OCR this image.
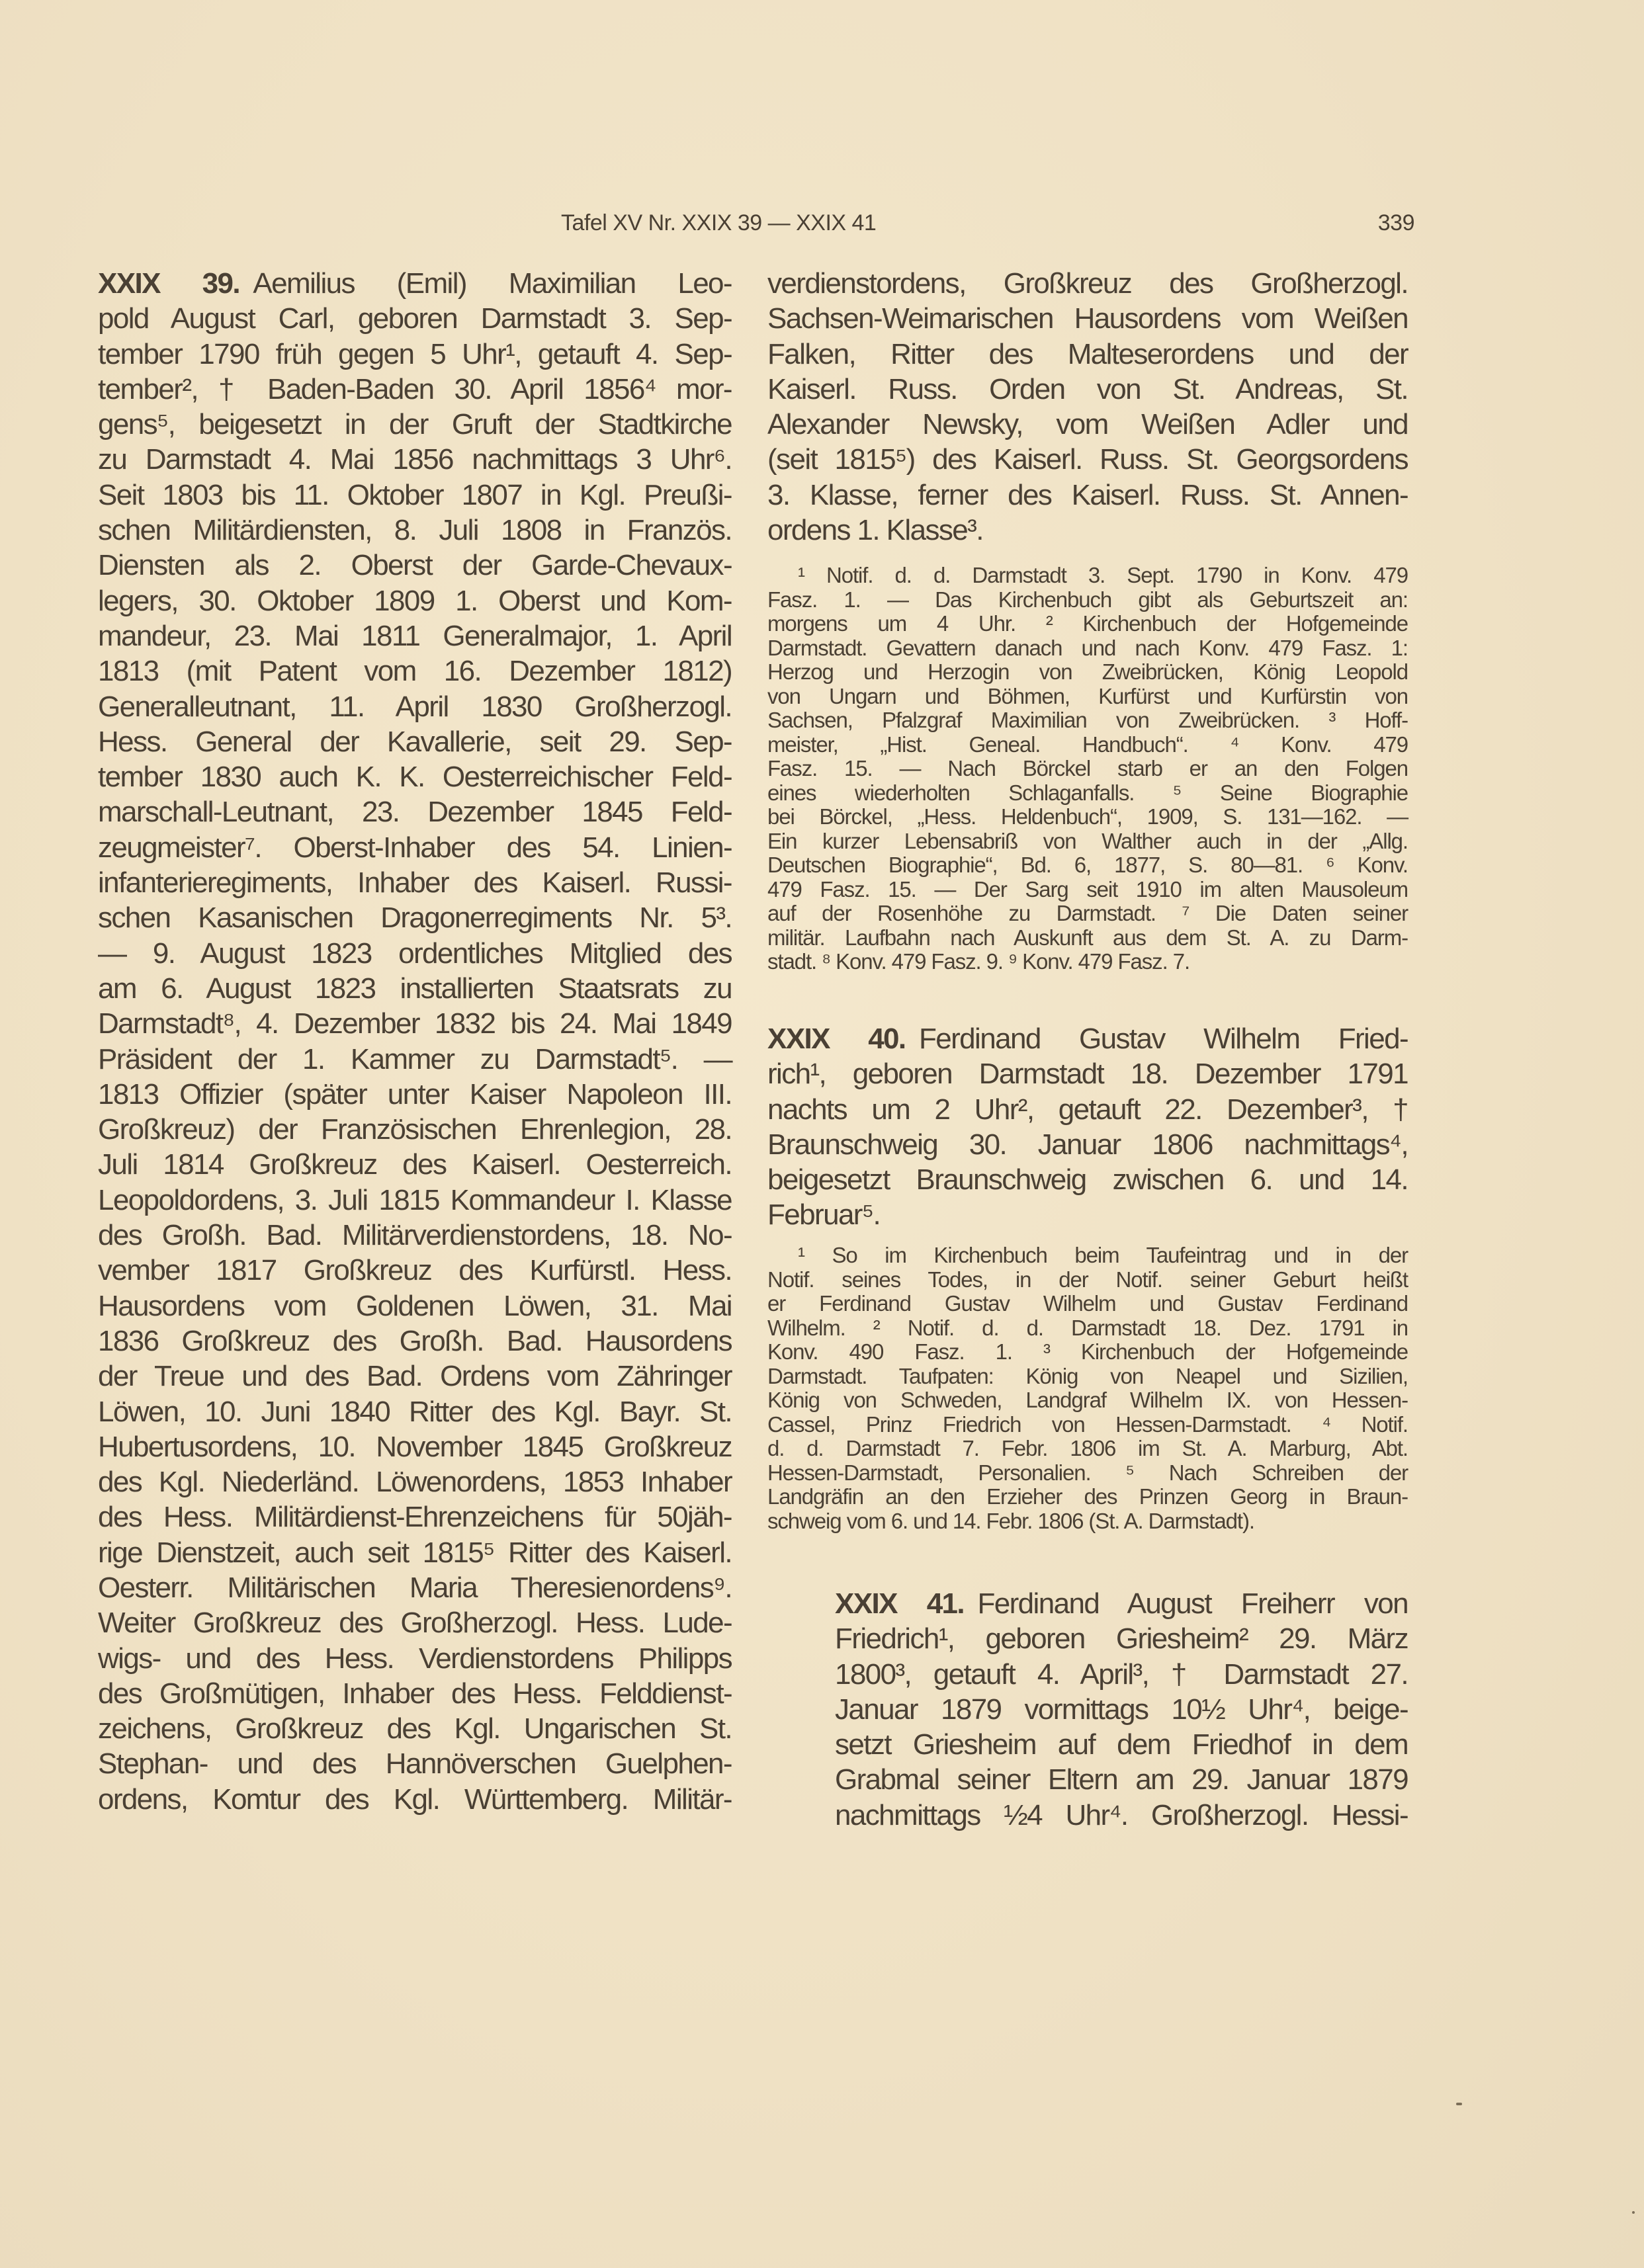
Tafel XV Nr. XXIX 39 — XXIX 41	339
XXIX 39. Aemilius (Emil) Maximilian Leo-
pold August Carl, geboren Darmstadt 3. Sep-
tember 1790 früh gegen 5 Uhr¹, getauft 4. Sep-
tember², † Baden-Baden 30. April 1856⁴ mor-
gens⁵, beigesetzt in der Gruft der Stadtkirche
zu Darmstadt 4. Mai 1856 nachmittags 3 Uhr⁶.
Seit 1803 bis 11. Oktober 1807 in Kgl. Preußi-
schen Militärdiensten, 8. Juli 1808 in Französ.
Diensten als 2. Oberst der Garde-Chevaux-
legers, 30. Oktober 1809 1. Oberst und Kom-
mandeur, 23. Mai 1811 Generalmajor, 1. April
1813 (mit Patent vom 16. Dezember 1812)
Generalleutnant, 11. April 1830 Großherzogl.
Hess. General der Kavallerie, seit 29. Sep-
tember 1830 auch K. K. Oesterreichischer Feld-
marschall-Leutnant, 23. Dezember 1845 Feld-
zeugmeister⁷. Oberst-Inhaber des 54. Linien-
infanterieregiments, Inhaber des Kaiserl. Russi-
schen Kasanischen Dragonerregiments Nr. 5³.
— 9. August 1823 ordentliches Mitglied des
am 6. August 1823 installierten Staatsrats zu
Darmstadt⁸, 4. Dezember 1832 bis 24. Mai 1849
Präsident der 1. Kammer zu Darmstadt⁵. —
1813 Offizier (später unter Kaiser Napoleon III.
Großkreuz) der Französischen Ehrenlegion, 28.
Juli 1814 Großkreuz des Kaiserl. Oesterreich.
Leopoldordens, 3. Juli 1815 Kommandeur I. Klasse
des Großh. Bad. Militärverdienstordens, 18. No-
vember 1817 Großkreuz des Kurfürstl. Hess.
Hausordens vom Goldenen Löwen, 31. Mai
1836 Großkreuz des Großh. Bad. Hausordens
der Treue und des Bad. Ordens vom Zähringer
Löwen, 10. Juni 1840 Ritter des Kgl. Bayr. St.
Hubertusordens, 10. November 1845 Großkreuz
des Kgl. Niederländ. Löwenordens, 1853 Inhaber
des Hess. Militärdienst-Ehrenzeichens für 50jäh-
rige Dienstzeit, auch seit 1815⁵ Ritter des Kaiserl.
Oesterr. Militärischen Maria Theresienordens⁹.
Weiter Großkreuz des Großherzogl. Hess. Lude-
wigs- und des Hess. Verdienstordens Philipps
des Großmütigen, Inhaber des Hess. Felddienst-
zeichens, Großkreuz des Kgl. Ungarischen St.
Stephan- und des Hannöverschen Guelphen-
ordens, Komtur des Kgl. Württemberg. Militär-
verdienstordens, Großkreuz des Großherzogl.
Sachsen-Weimarischen Hausordens vom Weißen
Falken, Ritter des Malteserordens und der
Kaiserl. Russ. Orden von St. Andreas, St.
Alexander Newsky, vom Weißen Adler und
(seit 1815⁵) des Kaiserl. Russ. St. Georgsordens
3. Klasse, ferner des Kaiserl. Russ. St. Annen-
ordens 1. Klasse³.
¹ Notif. d. d. Darmstadt 3. Sept. 1790 in Konv. 479
Fasz. 1. — Das Kirchenbuch gibt als Geburtszeit an:
morgens um 4 Uhr. ² Kirchenbuch der Hofgemeinde
Darmstadt. Gevattern danach und nach Konv. 479 Fasz. 1:
Herzog und Herzogin von Zweibrücken, König Leopold
von Ungarn und Böhmen, Kurfürst und Kurfürstin von
Sachsen, Pfalzgraf Maximilian von Zweibrücken. ³ Hoff-
meister, „Hist. Geneal. Handbuch“. ⁴ Konv. 479
Fasz. 15. — Nach Börckel starb er an den Folgen
eines wiederholten Schlaganfalls. ⁵ Seine Biographie
bei Börckel, „Hess. Heldenbuch“, 1909, S. 131—162. —
Ein kurzer Lebensabriß von Walther auch in der „Allg.
Deutschen Biographie“, Bd. 6, 1877, S. 80—81. ⁶ Konv.
479 Fasz. 15. — Der Sarg seit 1910 im alten Mausoleum
auf der Rosenhöhe zu Darmstadt. ⁷ Die Daten seiner
militär. Laufbahn nach Auskunft aus dem St. A. zu Darm-
stadt. ⁸ Konv. 479 Fasz. 9. ⁹ Konv. 479 Fasz. 7.
XXIX 40. Ferdinand Gustav Wilhelm Fried-
rich¹, geboren Darmstadt 18. Dezember 1791
nachts um 2 Uhr², getauft 22. Dezember³, †
Braunschweig 30. Januar 1806 nachmittags⁴,
beigesetzt Braunschweig zwischen 6. und 14.
Februar⁵.
¹ So im Kirchenbuch beim Taufeintrag und in der
Notif. seines Todes, in der Notif. seiner Geburt heißt
er Ferdinand Gustav Wilhelm und Gustav Ferdinand
Wilhelm. ² Notif. d. d. Darmstadt 18. Dez. 1791 in
Konv. 490 Fasz. 1. ³ Kirchenbuch der Hofgemeinde
Darmstadt. Taufpaten: König von Neapel und Sizilien,
König von Schweden, Landgraf Wilhelm IX. von Hessen-
Cassel, Prinz Friedrich von Hessen-Darmstadt. ⁴ Notif.
d. d. Darmstadt 7. Febr. 1806 im St. A. Marburg, Abt.
Hessen-Darmstadt, Personalien. ⁵ Nach Schreiben der
Landgräfin an den Erzieher des Prinzen Georg in Braun-
schweig vom 6. und 14. Febr. 1806 (St. A. Darmstadt).
XXIX 41. Ferdinand August Freiherr von
Friedrich¹, geboren Griesheim² 29. März
1800³, getauft 4. April³, † Darmstadt 27.
Januar 1879 vormittags 10½ Uhr⁴, beige-
setzt Griesheim auf dem Friedhof in dem
Grabmal seiner Eltern am 29. Januar 1879
nachmittags ½4 Uhr⁴. Großherzogl. Hessi-
